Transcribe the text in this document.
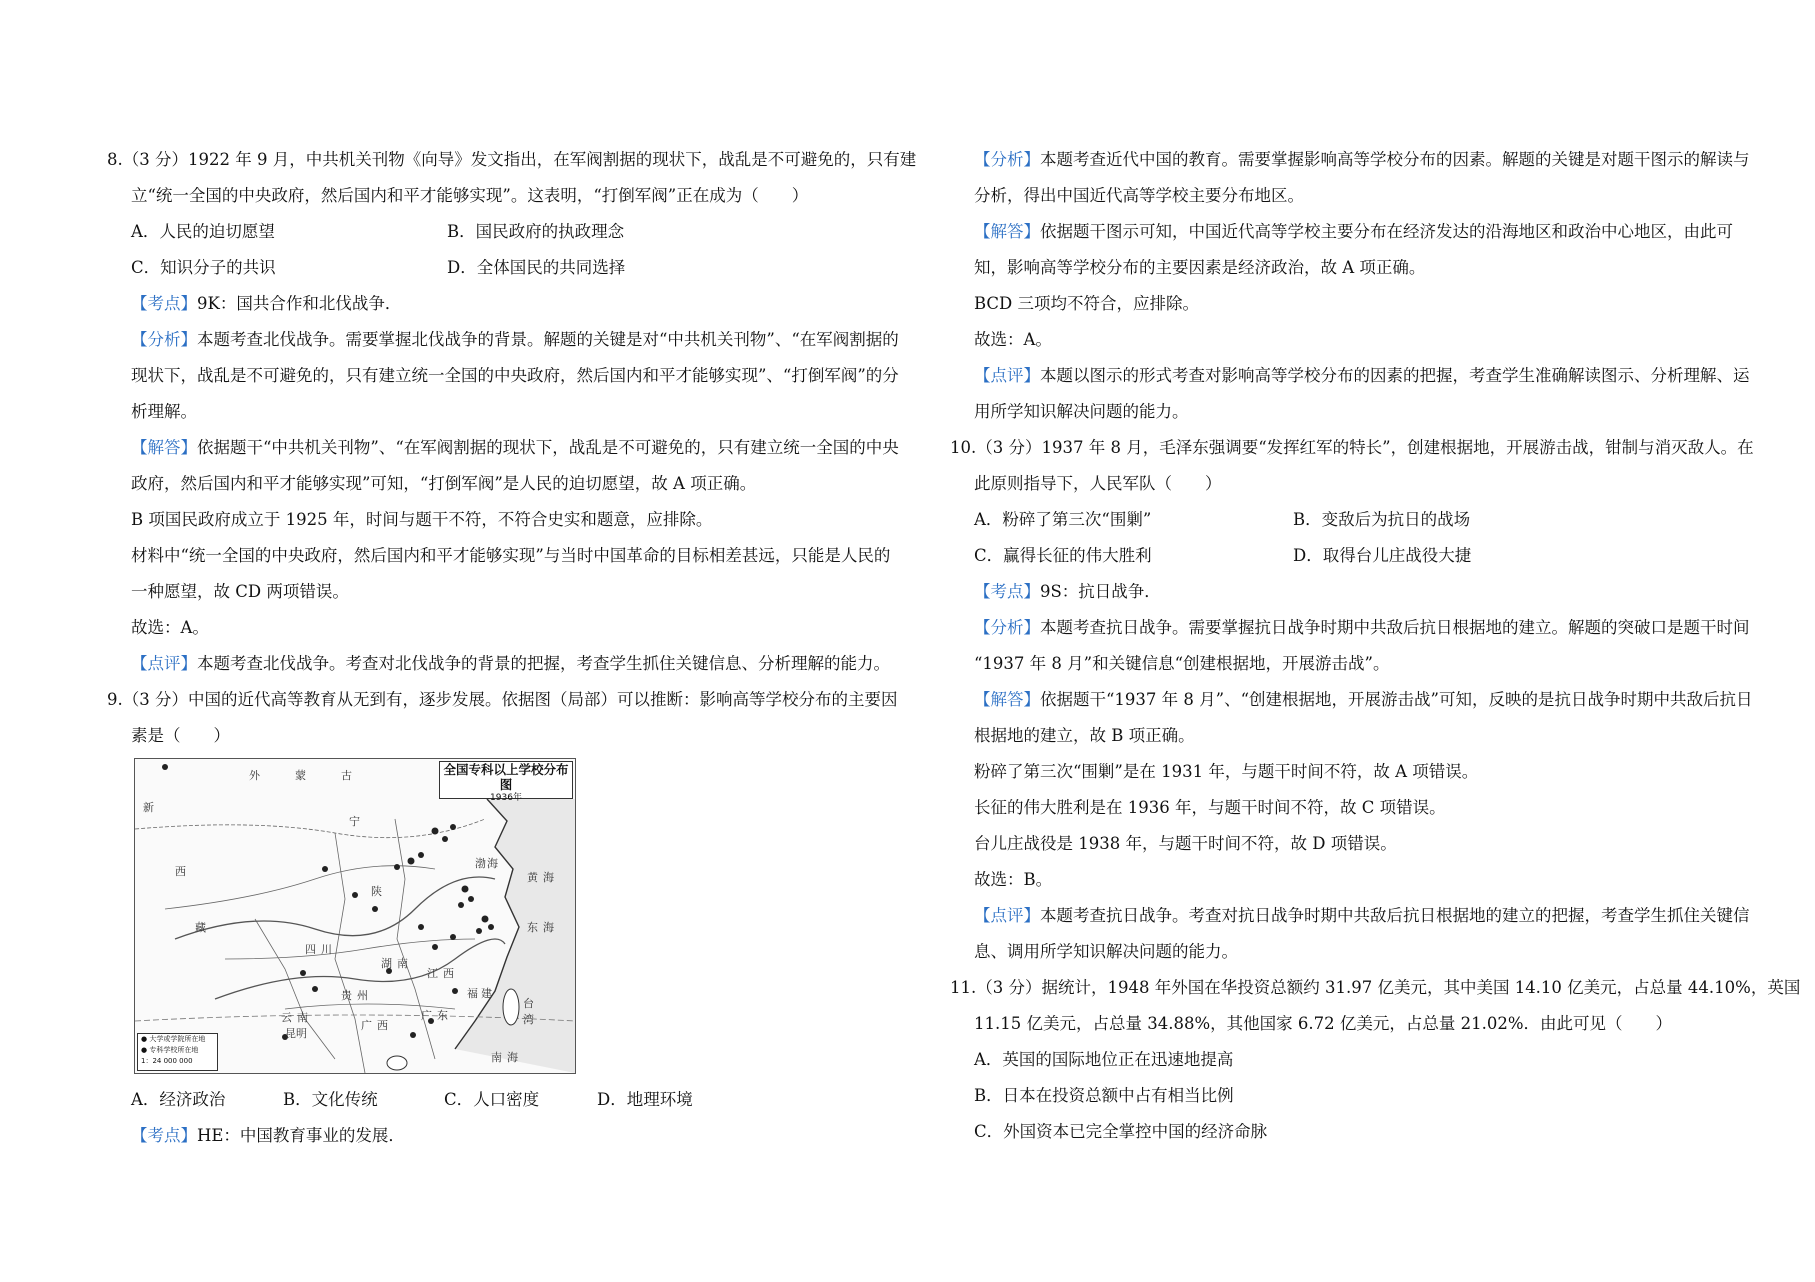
8.（3 分）1922 年 9 月，中共机关刊物《向导》发文指出，在军阀割据的现状下，战乱是不可避免的，只有建
立“统一全国的中央政府，然后国内和平才能够实现”。这表明，“打倒军阀”正在成为（　　）
A．人民的迫切愿望	B．国民政府的执政理念
C．知识分子的共识	D．全体国民的共同选择
【考点】9K：国共合作和北伐战争．
【分析】本题考查北伐战争。需要掌握北伐战争的背景。解题的关键是对“中共机关刊物”、“在军阀割据的
现状下，战乱是不可避免的，只有建立统一全国的中央政府，然后国内和平才能够实现”、“打倒军阀”的分
析理解。
【解答】依据题干“中共机关刊物”、“在军阀割据的现状下，战乱是不可避免的，只有建立统一全国的中央
政府，然后国内和平才能够实现”可知，“打倒军阀”是人民的迫切愿望，故 A 项正确。
B 项国民政府成立于 1925 年，时间与题干不符，不符合史实和题意，应排除。
材料中“统一全国的中央政府，然后国内和平才能够实现”与当时中国革命的目标相差甚远，只能是人民的
一种愿望，故 CD 两项错误。
故选：A。
【点评】本题考查北伐战争。考查对北伐战争的背景的把握，考查学生抓住关键信息、分析理解的能力。
9.（3 分）中国的近代高等教育从无到有，逐步发展。依据图（局部）可以推断：影响高等学校分布的主要因
素是（　　）
全国专科以上学校分布图
1936年
● 大学或学院所在地
● 专科学校所在地
1：24 000 000
外	蒙	古
新
宁
陕
西
藏
四 川
湖 南
江 西
福 建
广 东
广 西
贵 州
云 南
东 海
南 海
昆明
黄 海
渤 海
台
湾
A．经济政治	B．文化传统	C．人口密度	D．地理环境
【考点】HE：中国教育事业的发展．
【分析】本题考查近代中国的教育。需要掌握影响高等学校分布的因素。解题的关键是对题干图示的解读与
分析，得出中国近代高等学校主要分布地区。
【解答】依据题干图示可知，中国近代高等学校主要分布在经济发达的沿海地区和政治中心地区，由此可
知，影响高等学校分布的主要因素是经济政治，故 A 项正确。
BCD 三项均不符合，应排除。
故选：A。
【点评】本题以图示的形式考查对影响高等学校分布的因素的把握，考查学生准确解读图示、分析理解、运
用所学知识解决问题的能力。
10.（3 分）1937 年 8 月，毛泽东强调要“发挥红军的特长”，创建根据地，开展游击战，钳制与消灭敌人。在
此原则指导下，人民军队（　　）
A．粉碎了第三次“围剿”	B．变敌后为抗日的战场
C．赢得长征的伟大胜利	D．取得台儿庄战役大捷
【考点】9S：抗日战争．
【分析】本题考查抗日战争。需要掌握抗日战争时期中共敌后抗日根据地的建立。解题的突破口是题干时间
“1937 年 8 月”和关键信息“创建根据地，开展游击战”。
【解答】依据题干“1937 年 8 月”、“创建根据地，开展游击战”可知，反映的是抗日战争时期中共敌后抗日
根据地的建立，故 B 项正确。
粉碎了第三次“围剿”是在 1931 年，与题干时间不符，故 A 项错误。
长征的伟大胜利是在 1936 年，与题干时间不符，故 C 项错误。
台儿庄战役是 1938 年，与题干时间不符，故 D 项错误。
故选：B。
【点评】本题考查抗日战争。考查对抗日战争时期中共敌后抗日根据地的建立的把握，考查学生抓住关键信
息、调用所学知识解决问题的能力。
11.（3 分）据统计，1948 年外国在华投资总额约 31.97 亿美元，其中美国 14.10 亿美元，占总量 44.10%，英国
11.15 亿美元，占总量 34.88%，其他国家 6.72 亿美元，占总量 21.02%．由此可见（　　）
A．英国的国际地位正在迅速地提高
B．日本在投资总额中占有相当比例
C．外国资本已完全掌控中国的经济命脉
